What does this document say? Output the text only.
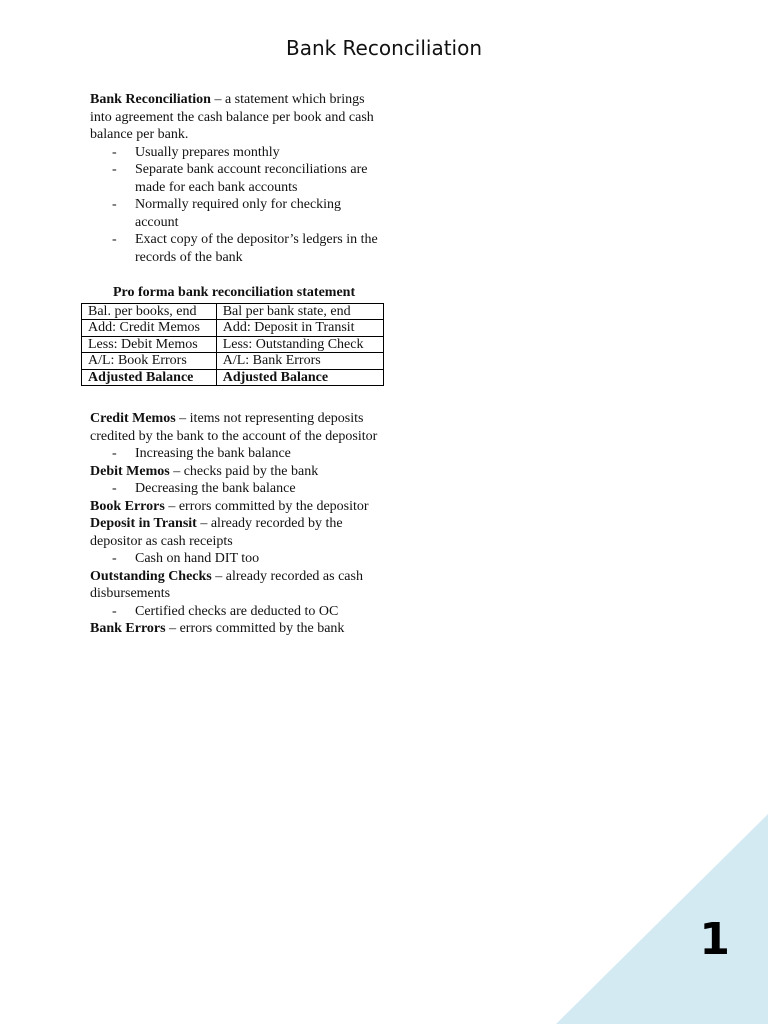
Bank Reconciliation

Bank Reconciliation – a statement which brings into agreement the cash balance per book and cash balance per bank.

- Usually prepares monthly
- Separate bank account reconciliations are made for each bank accounts
- Normally required only for checking account
- Exact copy of the depositor’s ledgers in the records of the bank

Pro forma bank reconciliation statement

Bal. per books, end	Bal per bank state, end
Add: Credit Memos	Add: Deposit in Transit
Less: Debit Memos	Less: Outstanding Check
A/L: Book Errors	A/L: Bank Errors
Adjusted Balance	Adjusted Balance

Credit Memos – items not representing deposits credited by the bank to the account of the depositor

- Increasing the bank balance

Debit Memos – checks paid by the bank

- Decreasing the bank balance

Book Errors – errors committed by the depositor

Deposit in Transit – already recorded by the depositor as cash receipts

- Cash on hand DIT too

Outstanding Checks – already recorded as cash disbursements

- Certified checks are deducted to OC

Bank Errors – errors committed by the bank

1
